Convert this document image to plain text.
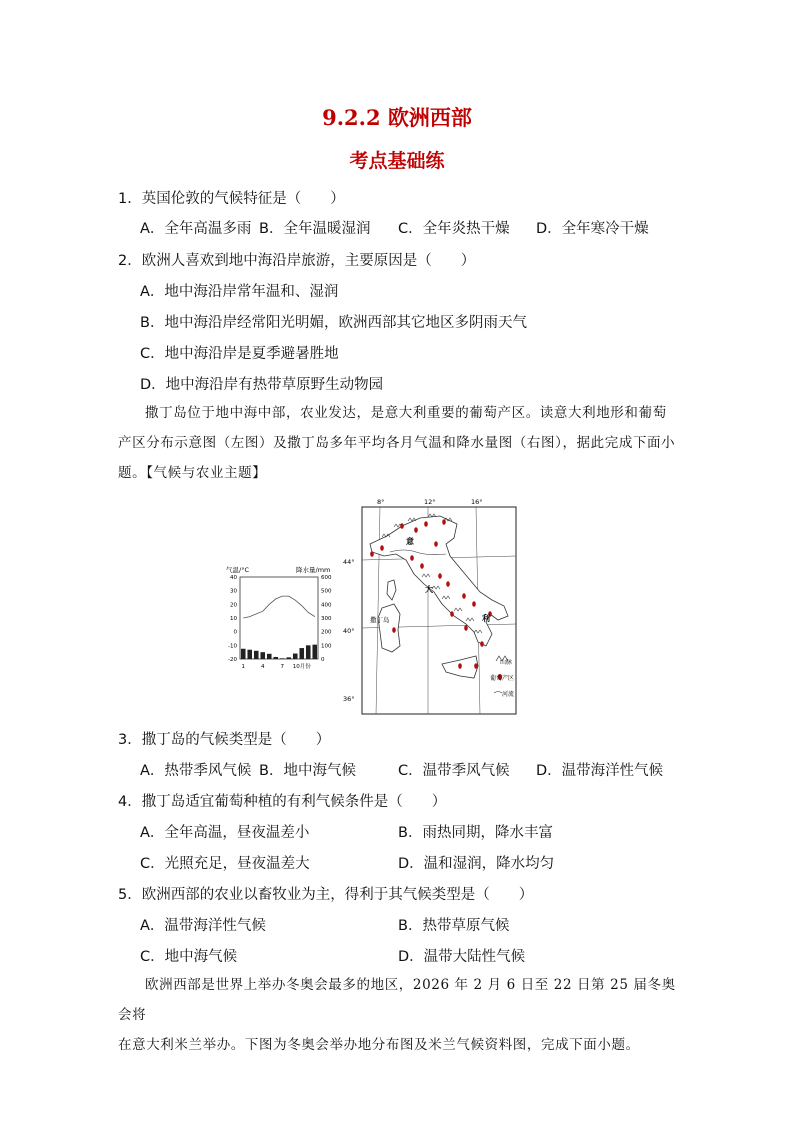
9.2.2 欧洲西部
考点基础练
1．英国伦敦的气候特征是（　　）
A．全年高温多雨 B．全年温暖湿润 C．全年炎热干燥 D．全年寒冷干燥
2．欧洲人喜欢到地中海沿岸旅游，主要原因是（　　）
A．地中海沿岸常年温和、湿润
B．地中海沿岸经常阳光明媚，欧洲西部其它地区多阴雨天气
C．地中海沿岸是夏季避暑胜地
D．地中海沿岸有热带草原野生动物园
撒丁岛位于地中海中部，农业发达，是意大利重要的葡萄产区。读意大利地形和葡萄
产区分布示意图（左图）及撒丁岛多年平均各月气温和降水量图（右图），据此完成下面小
题。【气候与农业主题】
气温/°C	降水量/mm
40
30
20
10
0
-10
-20
600
500
400
300
200
100
0
1	4	7 10月份
8°	12°	16°
44°
40°
36°
撒丁岛
意
大
利
山脉
葡萄产区
河流
3．撒丁岛的气候类型是（　　）
A．热带季风气候 B．地中海气候	C．温带季风气候 D．温带海洋性气候
4．撒丁岛适宜葡萄种植的有利气候条件是（　　）
A．全年高温，昼夜温差小	B．雨热同期，降水丰富
C．光照充足，昼夜温差大	D．温和湿润，降水均匀
5．欧洲西部的农业以畜牧业为主，得利于其气候类型是（　　）
A．温带海洋性气候	B．热带草原气候
C．地中海气候	D．温带大陆性气候
欧洲西部是世界上举办冬奥会最多的地区，2026 年 2 月 6 日至 22 日第 25 届冬奥会将
在意大利米兰举办。下图为冬奥会举办地分布图及米兰气候资料图，完成下面小题。
